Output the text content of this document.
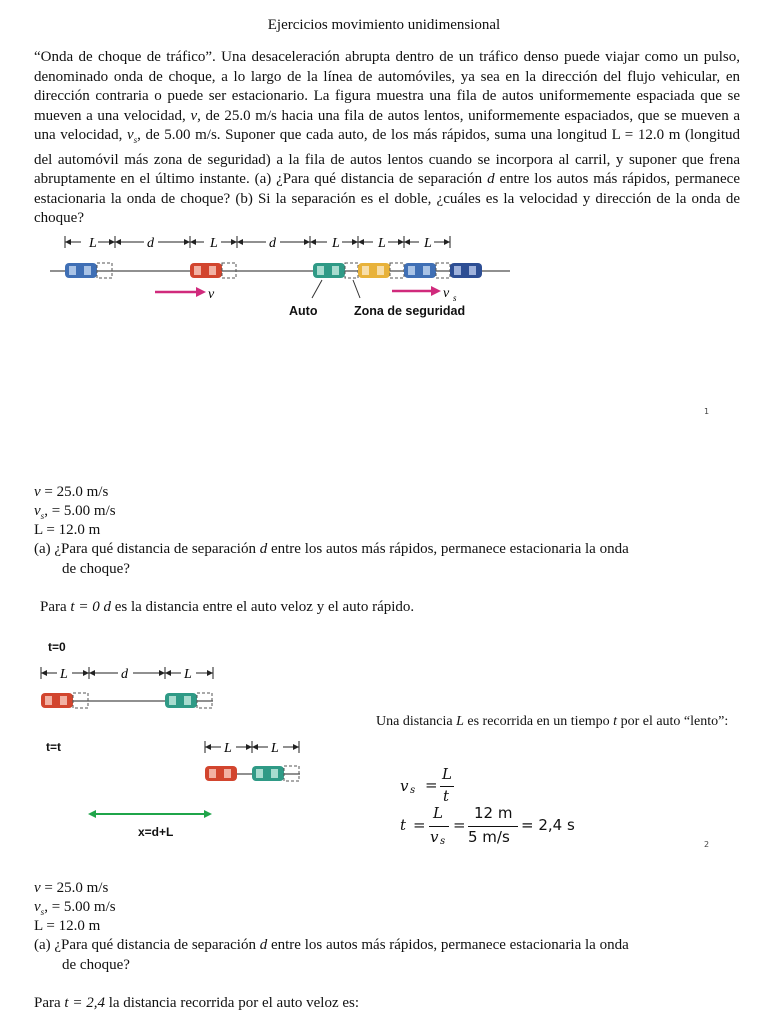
Ejercicios movimiento unidimensional
“Onda de choque de tráfico”. Una desaceleración abrupta dentro de un tráfico denso puede viajar como un pulso, denominado onda de choque, a lo largo de la línea de automóviles, ya sea en la dirección del flujo vehicular, en dirección contraria o puede ser estacionario. La figura muestra una fila de autos uniformemente espaciada que se mueven a una velocidad, v, de 25.0 m/s hacia una fila de autos lentos, uniformemente espaciados, que se mueven a una velocidad, $v_s$, de 5.00 m/s. Suponer que cada auto, de los más rápidos, suma una longitud L = 12.0 m (longitud del automóvil más zona de seguridad) a la fila de autos lentos cuando se incorpora al carril, y suponer que frena abruptamente en el último instante. (a) ¿Para qué distancia de separación d entre los autos más rápidos, permanece estacionaria la onda de choque? (b) Si la separación es el doble, ¿cuáles es la velocidad y dirección de la onda de choque?
L	d	L	d	L	L	L
v	v s
Auto	Zona de seguridad
1
v = 25.0 m/s
$v_s$, = 5.00 m/s
L = 12.0 m
(a) ¿Para qué distancia de separación d entre los autos más rápidos, permanece estacionaria la onda
de choque?
Para t = 0 d es la distancia entre el auto veloz y el auto rápido.
t=0
L	d	L
Una distancia L es recorrida en un tiempo t por el auto “lento”:
t=t	L	L
x=d+L
v s =
L
t
t =
L
v s
=
12 m
5 m/s
= 2,4 s
2
v = 25.0 m/s
$v_s$, = 5.00 m/s
L = 12.0 m
(a) ¿Para qué distancia de separación d entre los autos más rápidos, permanece estacionaria la onda
de choque?
Para t = 2,4 la distancia recorrida por el auto veloz es:
